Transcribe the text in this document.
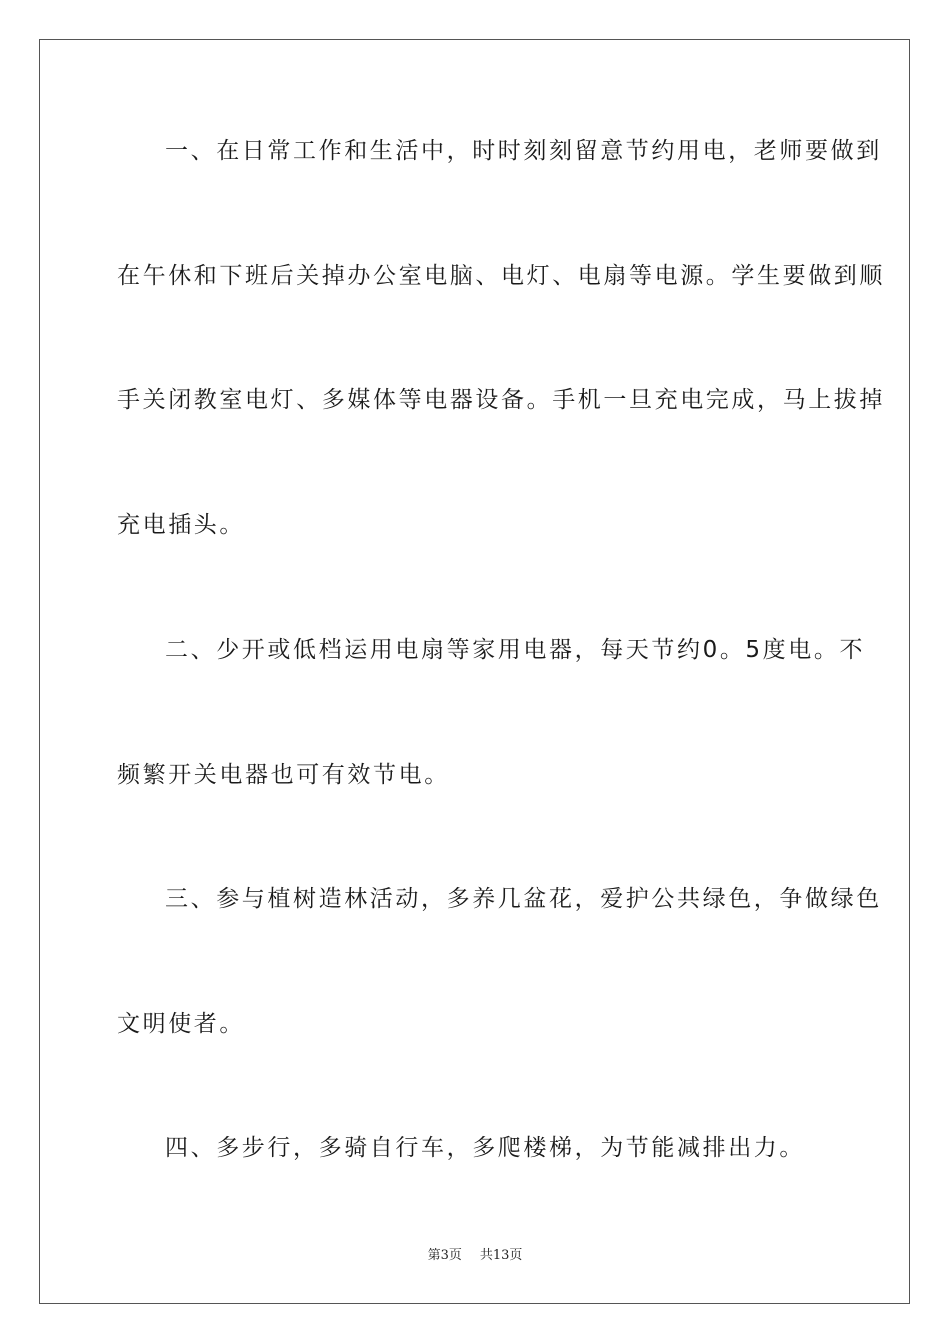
一、在日常工作和生活中，时时刻刻留意节约用电，老师要做到
在午休和下班后关掉办公室电脑、电灯、电扇等电源。学生要做到顺
手关闭教室电灯、多媒体等电器设备。手机一旦充电完成，马上拔掉
充电插头。
二、少开或低档运用电扇等家用电器，每天节约0。5度电。不
频繁开关电器也可有效节电。
三、参与植树造林活动，多养几盆花，爱护公共绿色，争做绿色
文明使者。
四、多步行，多骑自行车，多爬楼梯，为节能减排出力。
第3页 共13页
